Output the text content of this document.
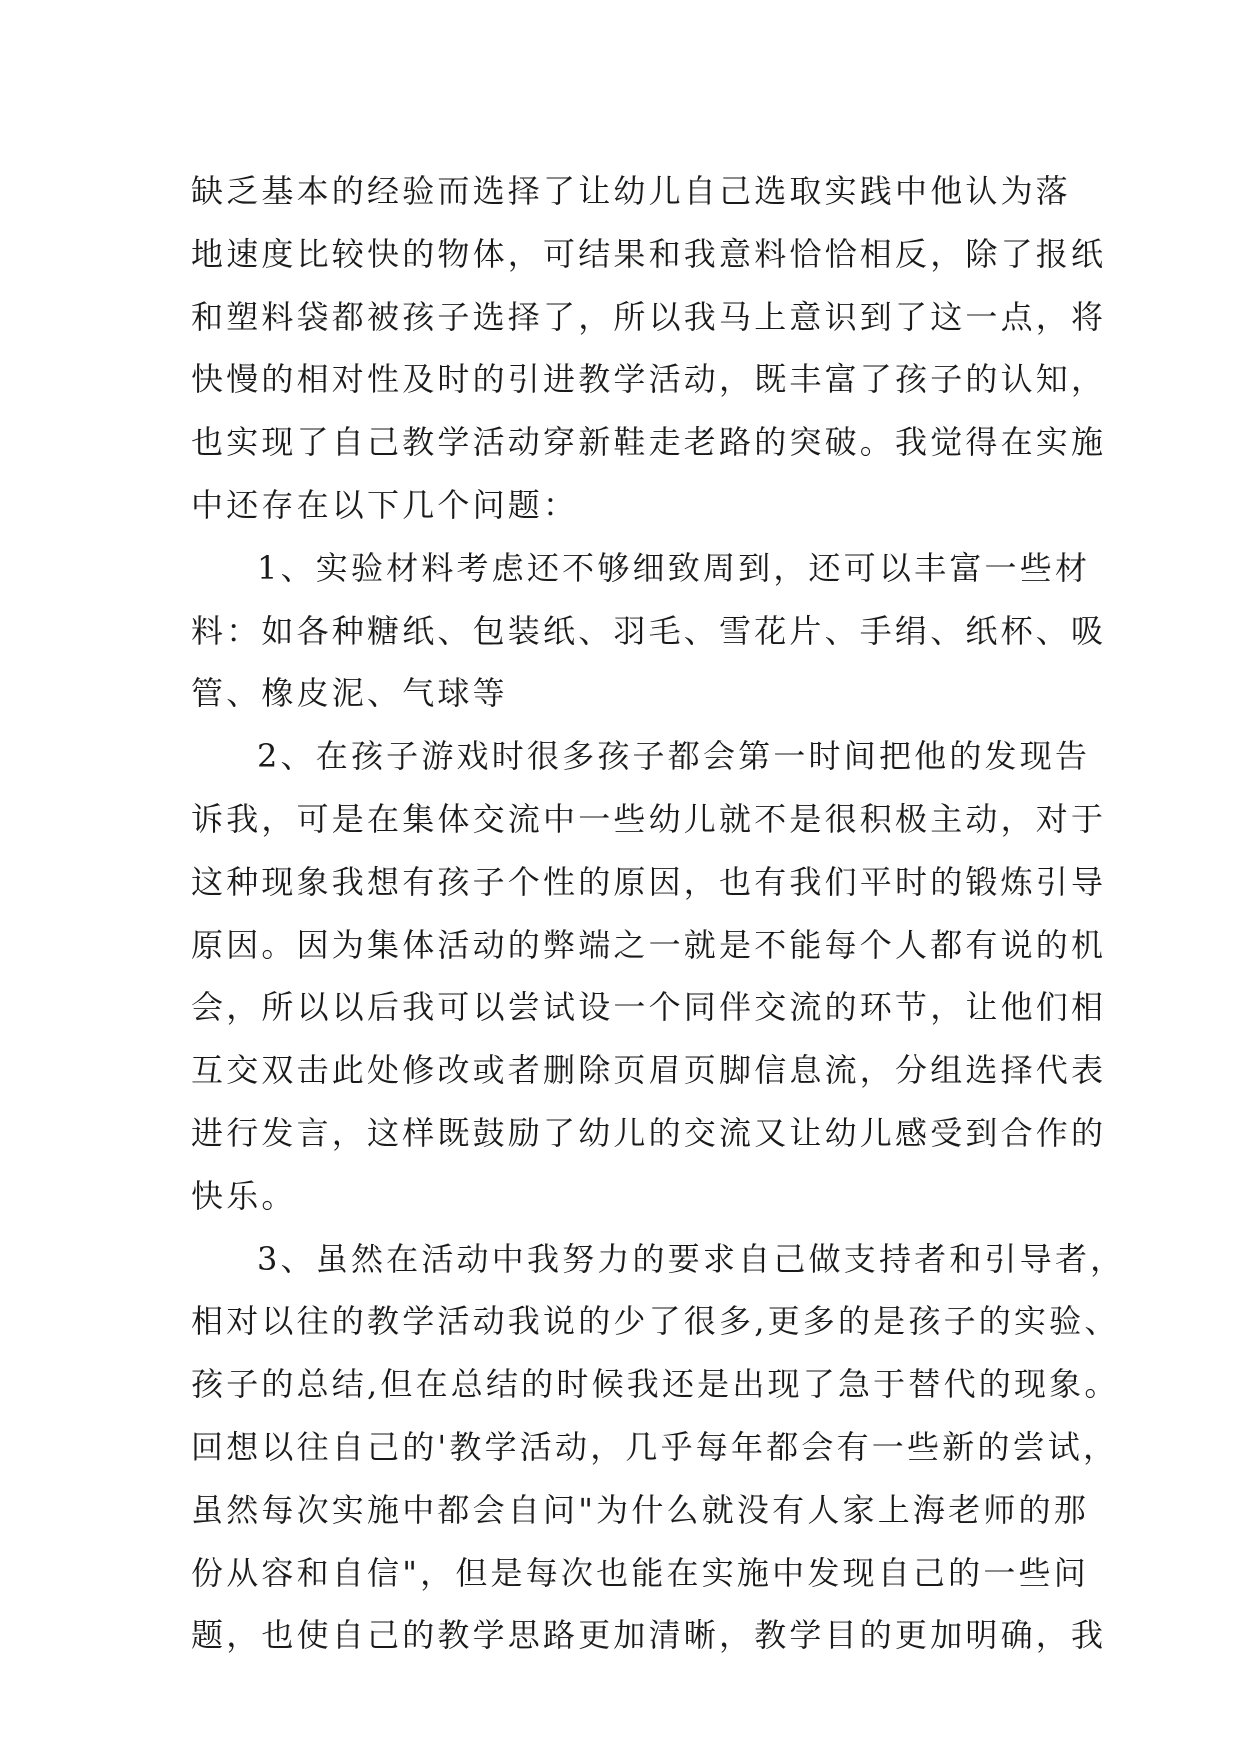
缺乏基本的经验而选择了让幼儿自己选取实践中他认为落
地速度比较快的物体，可结果和我意料恰恰相反，除了报纸
和塑料袋都被孩子选择了，所以我马上意识到了这一点，将
快慢的相对性及时的引进教学活动，既丰富了孩子的认知，
也实现了自己教学活动穿新鞋走老路的突破。我觉得在实施
中还存在以下几个问题：
1、实验材料考虑还不够细致周到，还可以丰富一些材
料：如各种糖纸、包装纸、羽毛、雪花片、手绢、纸杯、吸
管、橡皮泥、气球等
2、在孩子游戏时很多孩子都会第一时间把他的发现告
诉我，可是在集体交流中一些幼儿就不是很积极主动，对于
这种现象我想有孩子个性的原因，也有我们平时的锻炼引导
原因。因为集体活动的弊端之一就是不能每个人都有说的机
会，所以以后我可以尝试设一个同伴交流的环节，让他们相
互交双击此处修改或者删除页眉页脚信息流，分组选择代表
进行发言，这样既鼓励了幼儿的交流又让幼儿感受到合作的
快乐。
3、虽然在活动中我努力的要求自己做支持者和引导者，
相对以往的教学活动我说的少了很多,更多的是孩子的实验、
孩子的总结,但在总结的时候我还是出现了急于替代的现象。
回想以往自己的'教学活动，几乎每年都会有一些新的尝试，
虽然每次实施中都会自问"为什么就没有人家上海老师的那
份从容和自信"，但是每次也能在实施中发现自己的一些问
题，也使自己的教学思路更加清晰，教学目的更加明确，我
